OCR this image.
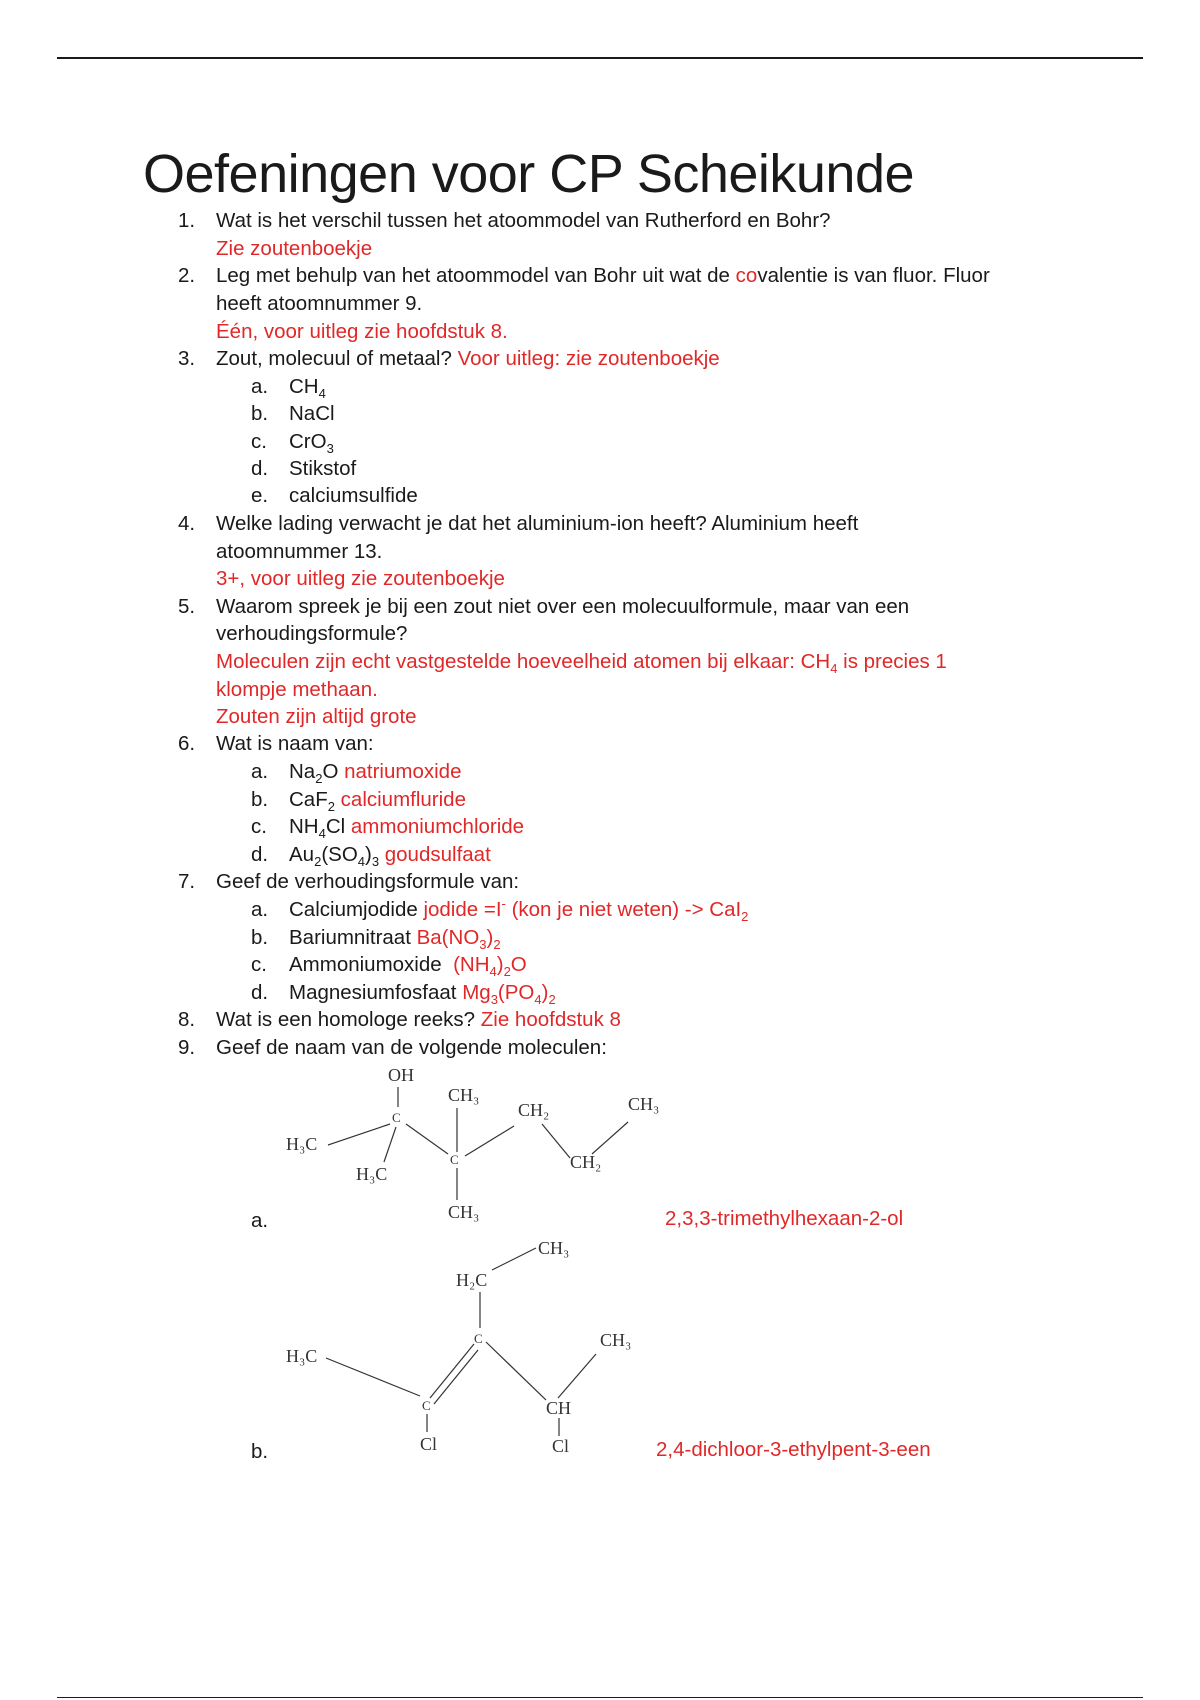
Oefeningen voor CP Scheikunde
1. Wat is het verschil tussen het atoommodel van Rutherford en Bohr?
Zie zoutenboekje
2. Leg met behulp van het atoommodel van Bohr uit wat de covalentie is van fluor. Fluor
heeft atoomnummer 9.
Één, voor uitleg zie hoofdstuk 8.
3. Zout, molecuul of metaal? Voor uitleg: zie zoutenboekje
a. $CH_4$
b. NaCl
c. CrO$_3$
d. Stikstof
e. calciumsulfide
4. Welke lading verwacht je dat het aluminium-ion heeft? Aluminium heeft
atoomnummer 13.
3+, voor uitleg zie zoutenboekje
5. Waarom spreek je bij een zout niet over een molecuulformule, maar van een
verhoudingsformule?
Moleculen zijn echt vastgestelde hoeveelheid atomen bij elkaar: $CH_4$ is precies 1
klompje methaan.
Zouten zijn altijd grote
6. Wat is naam van:
a. $Na_2O$ natriumoxide
b. CaF$_2$ calciumfluride
c. $NH_4Cl$ ammoniumchloride
d. $Au_2(SO_4)_3$ goudsulfaat
7. Geef de verhoudingsformule van:
a. Calciumjodide jodide =I- (kon je niet weten) -> CaI$_2$
b. Bariumnitraat $Ba(NO_3)_2$
c. Ammoniumoxide  $(NH_4)_2O$
d. Magnesiumfosfaat $Mg_3(PO_4)_2$
8. Wat is een homologe reeks? Zie hoofdstuk 8
9. Geef de naam van de volgende moleculen:
OH
C
H₃C
H₃C
C
CH₃
CH₃
CH₂
CH₂
CH₃
a.	2,3,3-trimethylhexaan-2-ol
CH₃
H₂C
C
H₃C
C
Cl
CH
CH₃
Cl
b.	2,4-dichloor-3-ethylpent-3-een
